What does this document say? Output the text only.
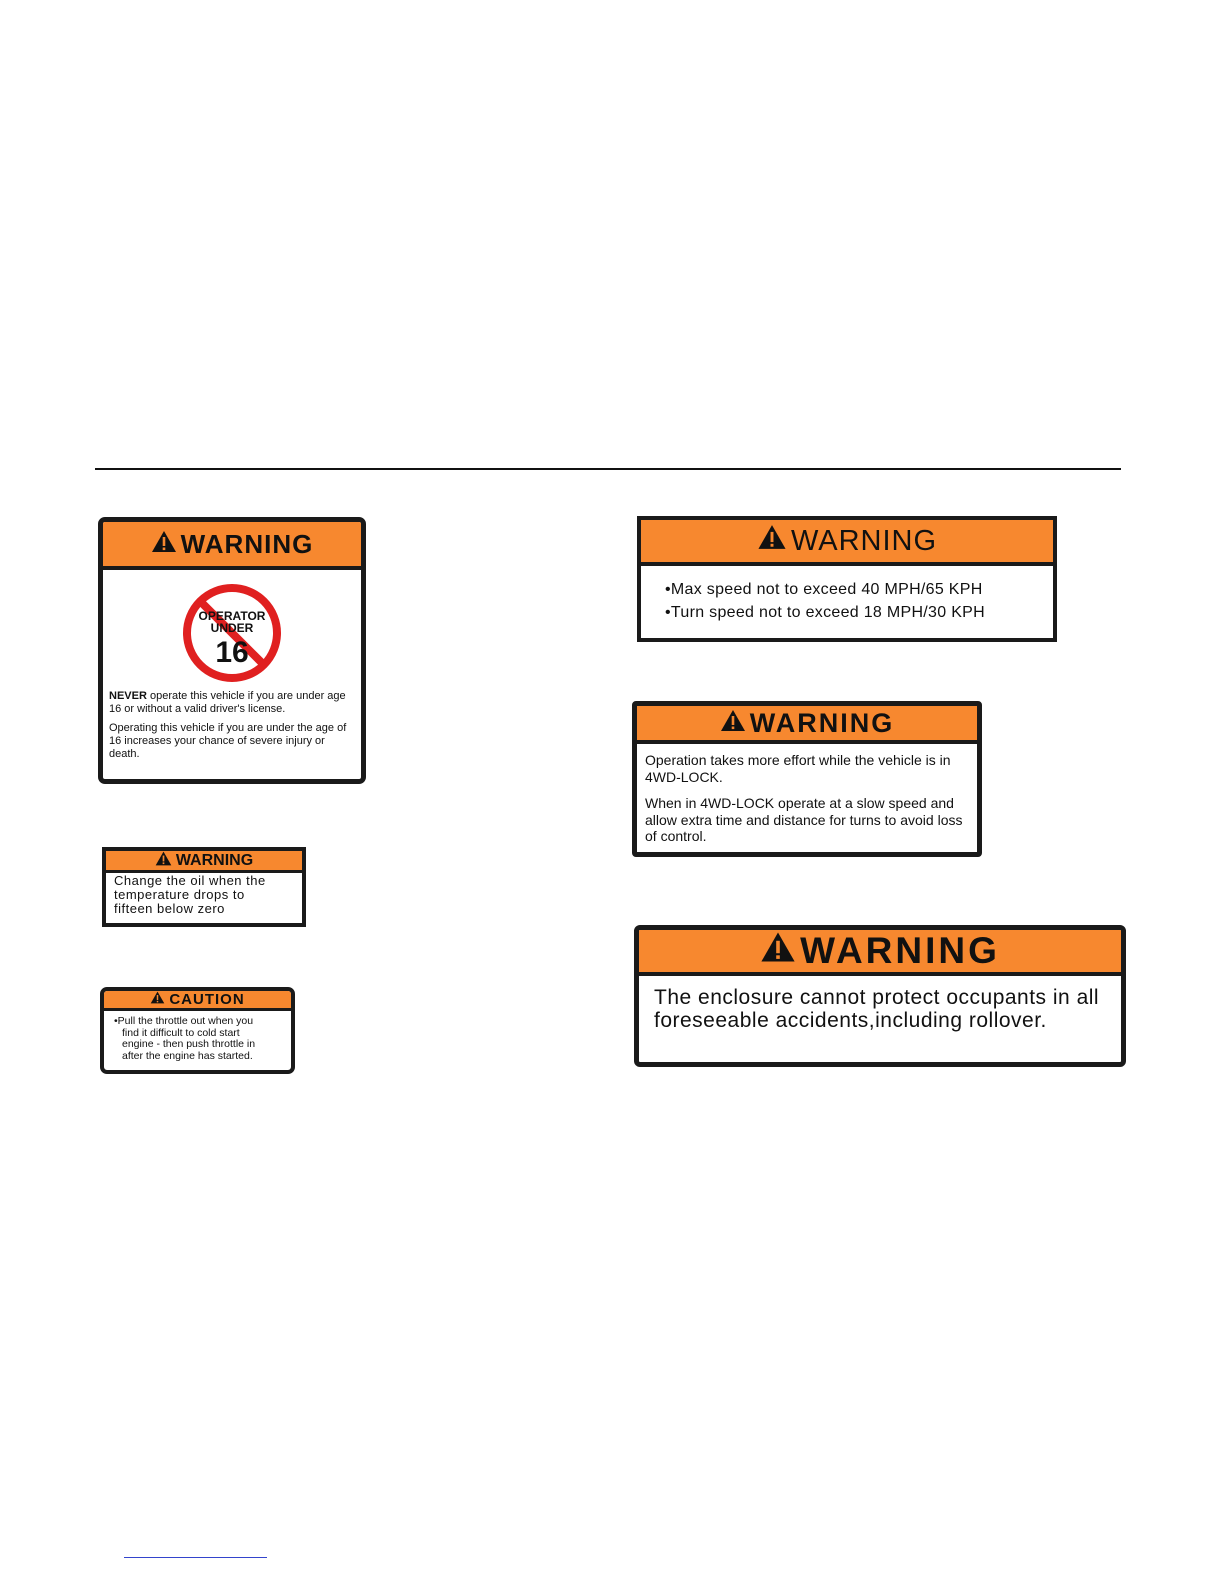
WARNING
OPERATOR
UNDER
16
NEVER operate this vehicle if you are under age 16 or without a valid driver's license.
Operating this vehicle if you are under the age of 16 increases your chance of severe injury or death.
WARNING
Change the oil when the
temperature drops to
fifteen below zero
CAUTION
•Pull the throttle out when you
find it difficult to cold start
engine - then push throttle in
after the engine has started.
WARNING
•Max speed not to exceed 40 MPH/65 KPH
•Turn speed not to exceed 18 MPH/30 KPH
WARNING
Operation takes more effort while the vehicle is in 4WD-LOCK.
When in 4WD-LOCK operate at a slow speed and allow extra time and distance for turns to avoid loss of control.
WARNING
The enclosure cannot protect occupants in all foreseeable accidents,including rollover.
